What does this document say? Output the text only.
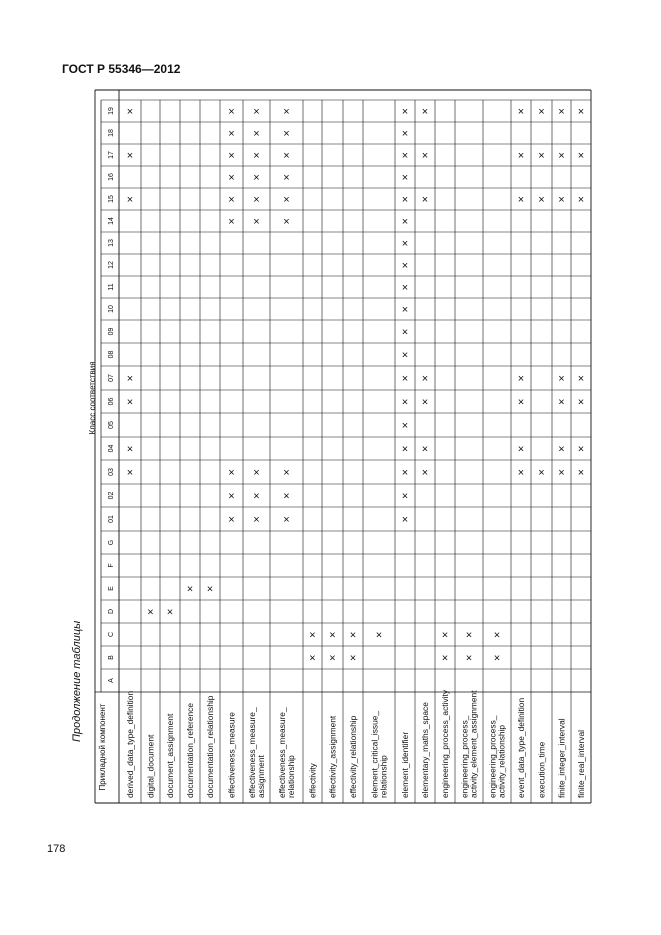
ГОСТ Р 55346—2012
178
Продолжение таблицы
Прикладной компонент
Класс соответствия
A
B
C
D
E
F
G
01
02
03
04
05
06
07
08
09
10
11
12
13
14
15
16
17
18
19
derived_data_type_definition
×
×
×
×
×
×
×
digital_document
×
document_assignment
×
documentation_reference
×
documentation_relationship
×
effectiveness_measure
×
×
×
×
×
×
×
×
×
effectiveness_measure_ assignment
×
×
×
×
×
×
×
×
×
effectiveness_measure_ relationship
×
×
×
×
×
×
×
×
×
effectivity
×
×
effectivity_assignment
×
×
effectivity_relationship
×
×
element_critical_issue_ relationship
×
element_identifier
×
×
×
×
×
×
×
×
×
×
×
×
×
×
×
×
×
×
×
elementary_maths_space
×
×
×
×
×
×
×
engineering_process_activity
×
×
engineering_process_ activity_element_assignment
×
×
engineering_process_ activity_relationship
×
×
event_data_type_definition
×
×
×
×
×
×
×
execution_time
×
×
×
×
finite_integer_interval
×
×
×
×
×
×
×
finite_real_interval
×
×
×
×
×
×
×
